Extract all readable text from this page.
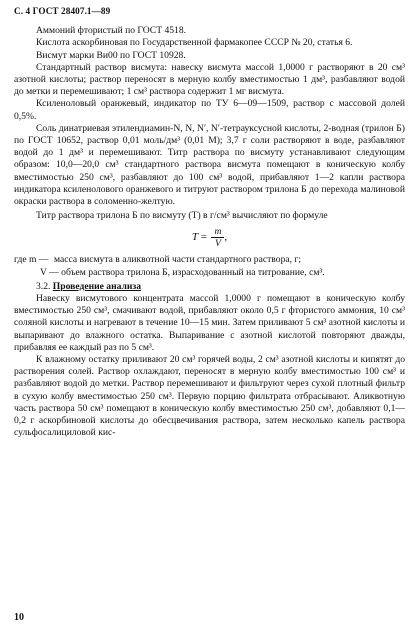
С. 4 ГОСТ 28407.1—89

Аммоний фтористый по ГОСТ 4518.

Кислота аскорбиновая по Государственной фармакопее СССР № 20, статья 6.

Висмут марки Ви00 по ГОСТ 10928.

Стандартный раствор висмута: навеску висмута массой 1,0000 г растворяют в 20 см³ азотной кислоты; раствор переносят в мерную колбу вместимостью 1 дм³, разбавляют водой до метки и перемешивают; 1 см³ раствора содержит 1 мг висмута.

Ксиленоловый оранжевый, индикатор по ТУ 6—09—1509, раствор с массовой долей 0,5%.

Соль динатриевая этилендиамин-N, N, N′, N′-тетрауксусной кислоты, 2-водная (трилон Б) по ГОСТ 10652, раствор 0,01 моль/дм³ (0,01 М); 3,7 г соли растворяют в воде, разбавляют водой до 1 дм³ и перемешивают. Титр раствора по висмуту устанавливают следующим образом: 10,0—20,0 см³ стандартного раствора висмута помещают в коническую колбу вместимостью 250 см³, разбавляют до 100 см³ водой, прибавляют 1—2 капли раствора индикатора ксиленолового оранжевого и титруют раствором трилона Б до перехода малиновой окраски раствора в соломенно-желтую.

Титр раствора трилона Б по висмуту (T) в г/см³ вычисляют по формуле

$T = \frac{m}{V}$ ,
где m — масса висмута в аликвотной части стандартного раствора, г;

V — объем раствора трилона Б, израсходованный на титрование, см³.

3.2. Проведение анализа

Навеску висмутового концентрата массой 1,0000 г помещают в коническую колбу вместимостью 250 см³, смачивают водой, прибавляют около 0,5 г фтористого аммония, 10 см³ соляной кислоты и нагревают в течение 10—15 мин. Затем приливают 5 см³ азотной кислоты и выпаривают до влажного остатка. Выпаривание с азотной кислотой повторяют дважды, прибавляя ее каждый раз по 5 см³.

К влажному остатку приливают 20 см³ горячей воды, 2 см³ азотной кислоты и кипятят до растворения солей. Раствор охлаждают, переносят в мерную колбу вместимостью 100 см³ и разбавляют водой до метки. Раствор перемешивают и фильтруют через сухой плотный фильтр в сухую колбу вместимостью 250 см³. Первую порцию фильтрата отбрасывают. Аликвотную часть раствора 50 см³ помещают в коническую колбу вместимостью 250 см³, добавляют 0,1—0,2 г аскорбиновой кислоты до обесцвечивания раствора, затем несколько капель раствора сульфосалициловой кис-

10
